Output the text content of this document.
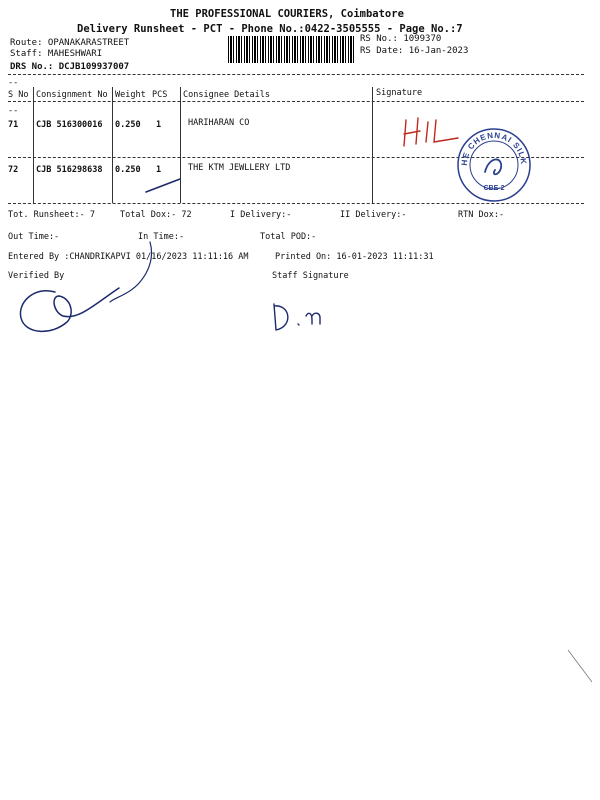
THE PROFESSIONAL COURIERS, Coimbatore
Delivery Runsheet - PCT - Phone No.:0422-3505555 - Page No.:7
Route: OPANAKARASTREET
Staff: MAHESHWARI
DRS No.: DCJB109937007
RS No.: 1099370
RS Date: 16-Jan-2023
--
S No Consignment No Weight PCS Consignee Details	Signature
--
71 CJB 516300016 0.250 1	HARIHARAN CO
72 CJB 516298638 0.250 1	THE KTM JEWLLERY LTD
Tot. Runsheet:- 7	Total Dox:- 72	I Delivery:-	II Delivery:-	RTN Dox:-
Out Time:-	In Time:-	Total POD:-
Entered By :CHANDRIKAPVI 01/16/2023 11:11:16 AM	Printed On: 16-01-2023 11:11:31
Verified By	Staff Signature
THE CHENNAI SILKS
CBE-2
